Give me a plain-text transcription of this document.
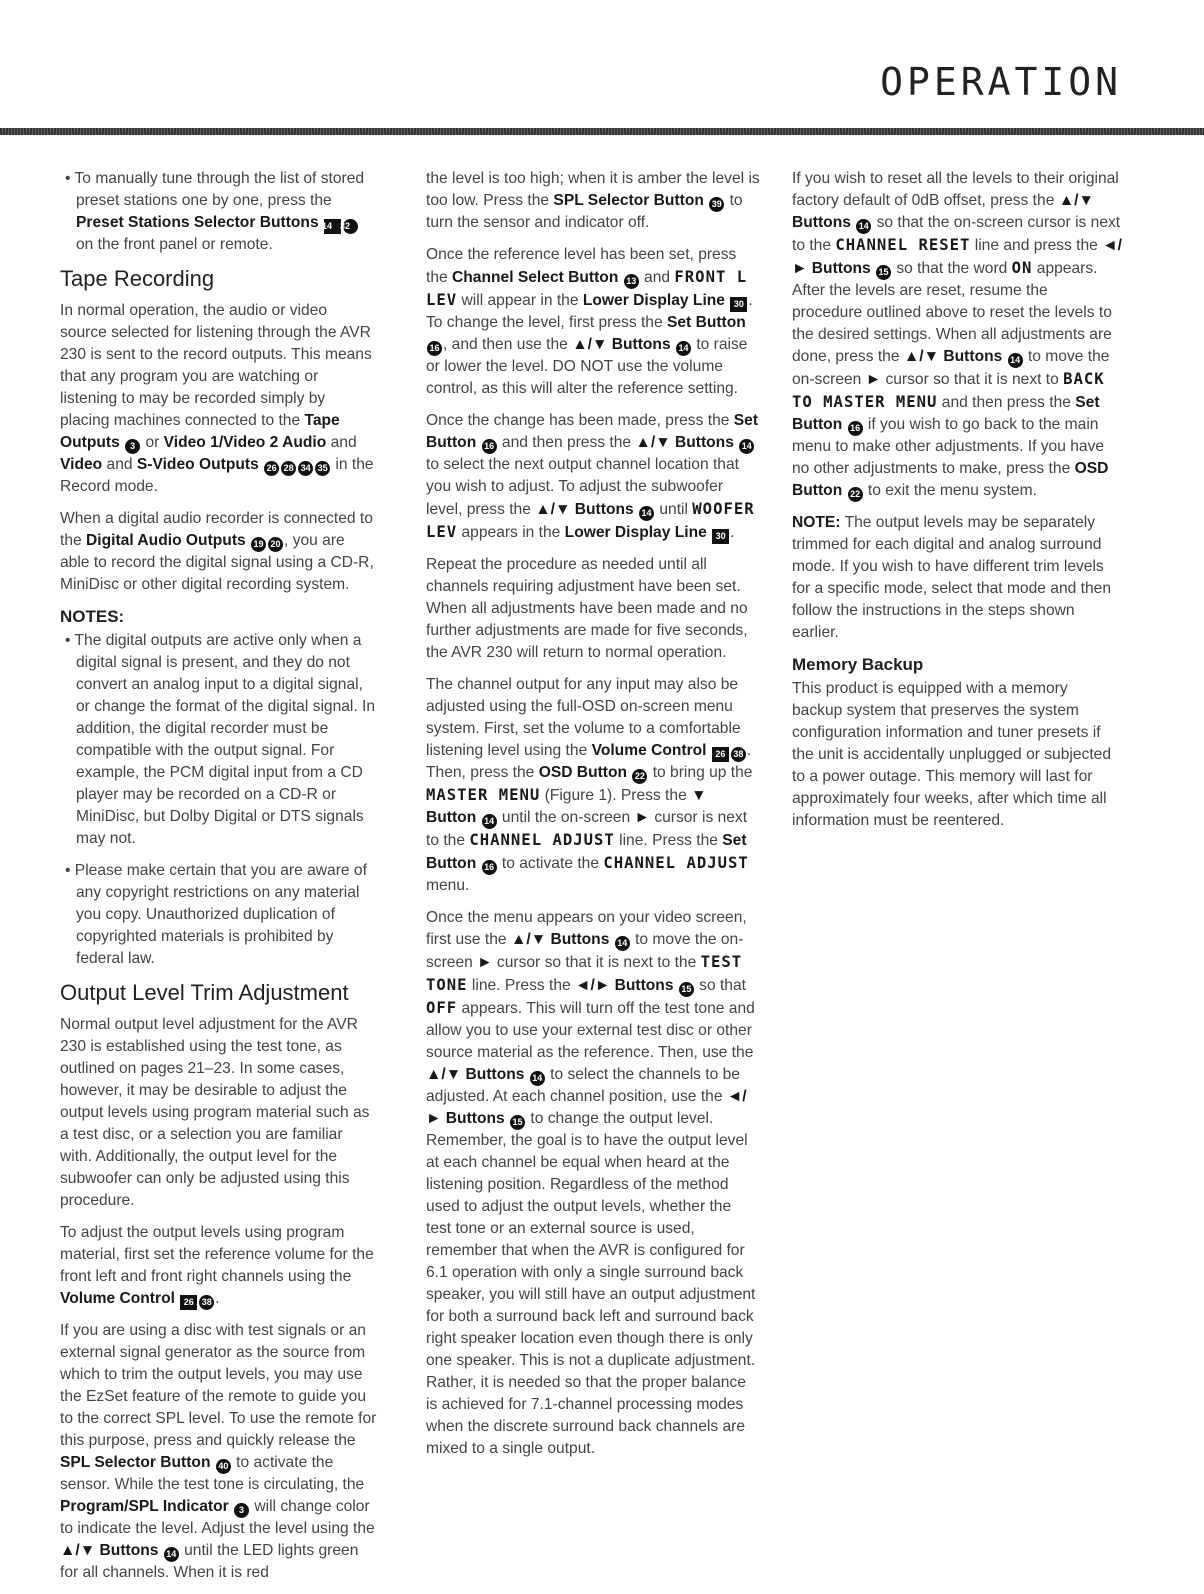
OPERATION

• To manually tune through the list of stored preset stations one by one, press the Preset Stations Selector Buttons 14 32 on the front panel or remote.

Tape Recording

In normal operation, the audio or video source selected for listening through the AVR 230 is sent to the record outputs. This means that any program you are watching or listening to may be recorded simply by placing machines connected to the Tape Outputs 3 or Video 1/Video 2 Audio and Video and S-Video Outputs 26 28 34 35 in the Record mode.

When a digital audio recorder is connected to the Digital Audio Outputs 19 20 , you are able to record the digital signal using a CD-R, MiniDisc or other digital recording system.

NOTES:

• The digital outputs are active only when a digital signal is present, and they do not convert an analog input to a digital signal, or change the format of the digital signal. In addition, the digital recorder must be compatible with the output signal. For example, the PCM digital input from a CD player may be recorded on a CD-R or MiniDisc, but Dolby Digital or DTS signals may not.

• Please make certain that you are aware of any copyright restrictions on any material you copy. Unauthorized duplication of copyrighted materials is prohibited by federal law.

Output Level Trim Adjustment

Normal output level adjustment for the AVR 230 is established using the test tone, as outlined on pages 21–23. In some cases, however, it may be desirable to adjust the output levels using program material such as a test disc, or a selection you are familiar with. Additionally, the output level for the subwoofer can only be adjusted using this procedure.

To adjust the output levels using program material, first set the reference volume for the front left and front right channels using the Volume Control 26 38 .

If you are using a disc with test signals or an external signal generator as the source from which to trim the output levels, you may use the EzSet feature of the remote to guide you to the correct SPL level. To use the remote for this purpose, press and quickly release the SPL Selector Button 40 to activate the sensor. While the test tone is circulating, the Program/SPL Indicator 3 will change color to indicate the level. Adjust the level using the ▲/▼ Buttons 14 until the LED lights green for all channels. When it is red

the level is too high; when it is amber the level is too low. Press the SPL Selector Button 39 to turn the sensor and indicator off.

Once the reference level has been set, press the Channel Select Button 13 and FRONT L LEV will appear in the Lower Display Line 30 . To change the level, first press the Set Button 16 , and then use the ▲/▼ Buttons 14 to raise or lower the level. DO NOT use the volume control, as this will alter the reference setting.

Once the change has been made, press the Set Button 16 and then press the ▲/▼ Buttons 14 to select the next output channel location that you wish to adjust. To adjust the subwoofer level, press the ▲/▼ Buttons 14 until WOOFER LEV appears in the Lower Display Line 30 .

Repeat the procedure as needed until all channels requiring adjustment have been set. When all adjustments have been made and no further adjustments are made for five seconds, the AVR 230 will return to normal operation.

The channel output for any input may also be adjusted using the full-OSD on-screen menu system. First, set the volume to a comfortable listening level using the Volume Control 26 38 . Then, press the OSD Button 22 to bring up the MASTER MENU (Figure 1). Press the ▼ Button 14 until the on-screen ► cursor is next to the CHANNEL ADJUST line. Press the Set Button 16 to activate the CHANNEL ADJUST menu.

Once the menu appears on your video screen, first use the ▲/▼ Buttons 14 to move the on-screen ► cursor so that it is next to the TEST TONE line. Press the ◄/► Buttons 15 so that OFF appears. This will turn off the test tone and allow you to use your external test disc or other source material as the reference. Then, use the ▲/▼ Buttons 14 to select the channels to be adjusted. At each channel position, use the ◄/► Buttons 15 to change the output level. Remember, the goal is to have the output level at each channel be equal when heard at the listening position. Regardless of the method used to adjust the output levels, whether the test tone or an external source is used, remember that when the AVR is configured for 6.1 operation with only a single surround back speaker, you will still have an output adjustment for both a surround back left and surround back right speaker location even though there is only one speaker. This is not a duplicate adjustment. Rather, it is needed so that the proper balance is achieved for 7.1-channel processing modes when the discrete surround back channels are mixed to a single output.

If you wish to reset all the levels to their original factory default of 0dB offset, press the ▲/▼ Buttons 14 so that the on-screen cursor is next to the CHANNEL RESET line and press the ◄/► Buttons 15 so that the word ON appears. After the levels are reset, resume the procedure outlined above to reset the levels to the desired settings. When all adjustments are done, press the ▲/▼ Buttons 14 to move the on-screen ► cursor so that it is next to BACK TO MASTER MENU and then press the Set Button 16 if you wish to go back to the main menu to make other adjustments. If you have no other adjustments to make, press the OSD Button 22 to exit the menu system.

NOTE: The output levels may be separately trimmed for each digital and analog surround mode. If you wish to have different trim levels for a specific mode, select that mode and then follow the instructions in the steps shown earlier.

Memory Backup

This product is equipped with a memory backup system that preserves the system configuration information and tuner presets if the unit is accidentally unplugged or subjected to a power outage. This memory will last for approximately four weeks, after which time all information must be reentered.
